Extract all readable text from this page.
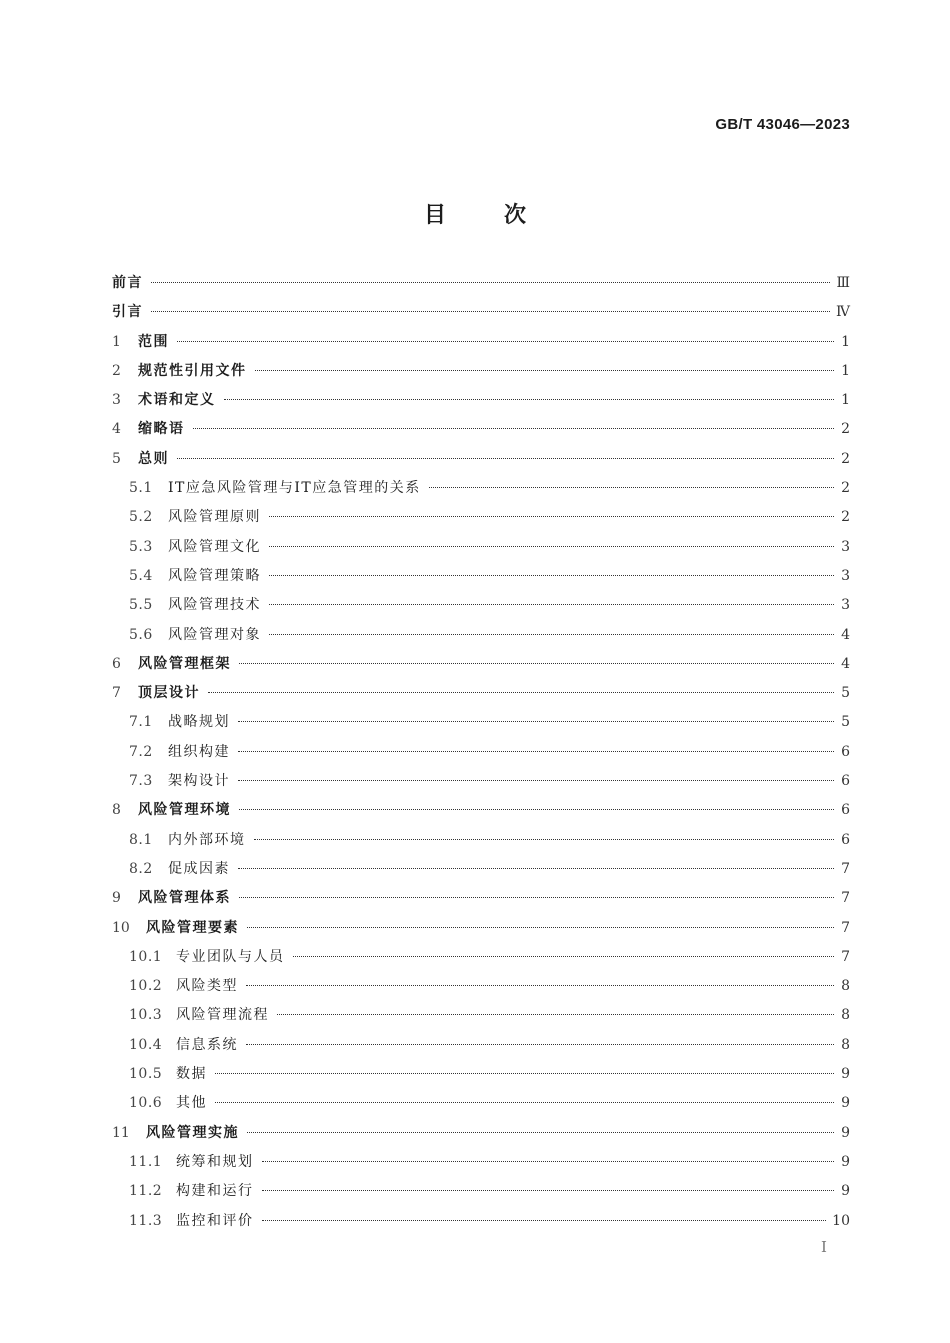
GB/T 43046—2023
目次
前言	Ⅲ
引言	Ⅳ
1	范围	1
2	规范性引用文件	1
3	术语和定义	1
4	缩略语	2
5	总则	2
5.1	IT应急风险管理与IT应急管理的关系	2
5.2	风险管理原则	2
5.3	风险管理文化	3
5.4	风险管理策略	3
5.5	风险管理技术	3
5.6	风险管理对象	4
6	风险管理框架	4
7	顶层设计	5
7.1	战略规划	5
7.2	组织构建	6
7.3	架构设计	6
8	风险管理环境	6
8.1	内外部环境	6
8.2	促成因素	7
9	风险管理体系	7
10	风险管理要素	7
10.1 专业团队与人员	7
10.2 风险类型	8
10.3 风险管理流程	8
10.4 信息系统	8
10.5 数据	9
10.6 其他	9
11	风险管理实施	9
11.1 统筹和规划	9
11.2 构建和运行	9
11.3 监控和评价	10
I
